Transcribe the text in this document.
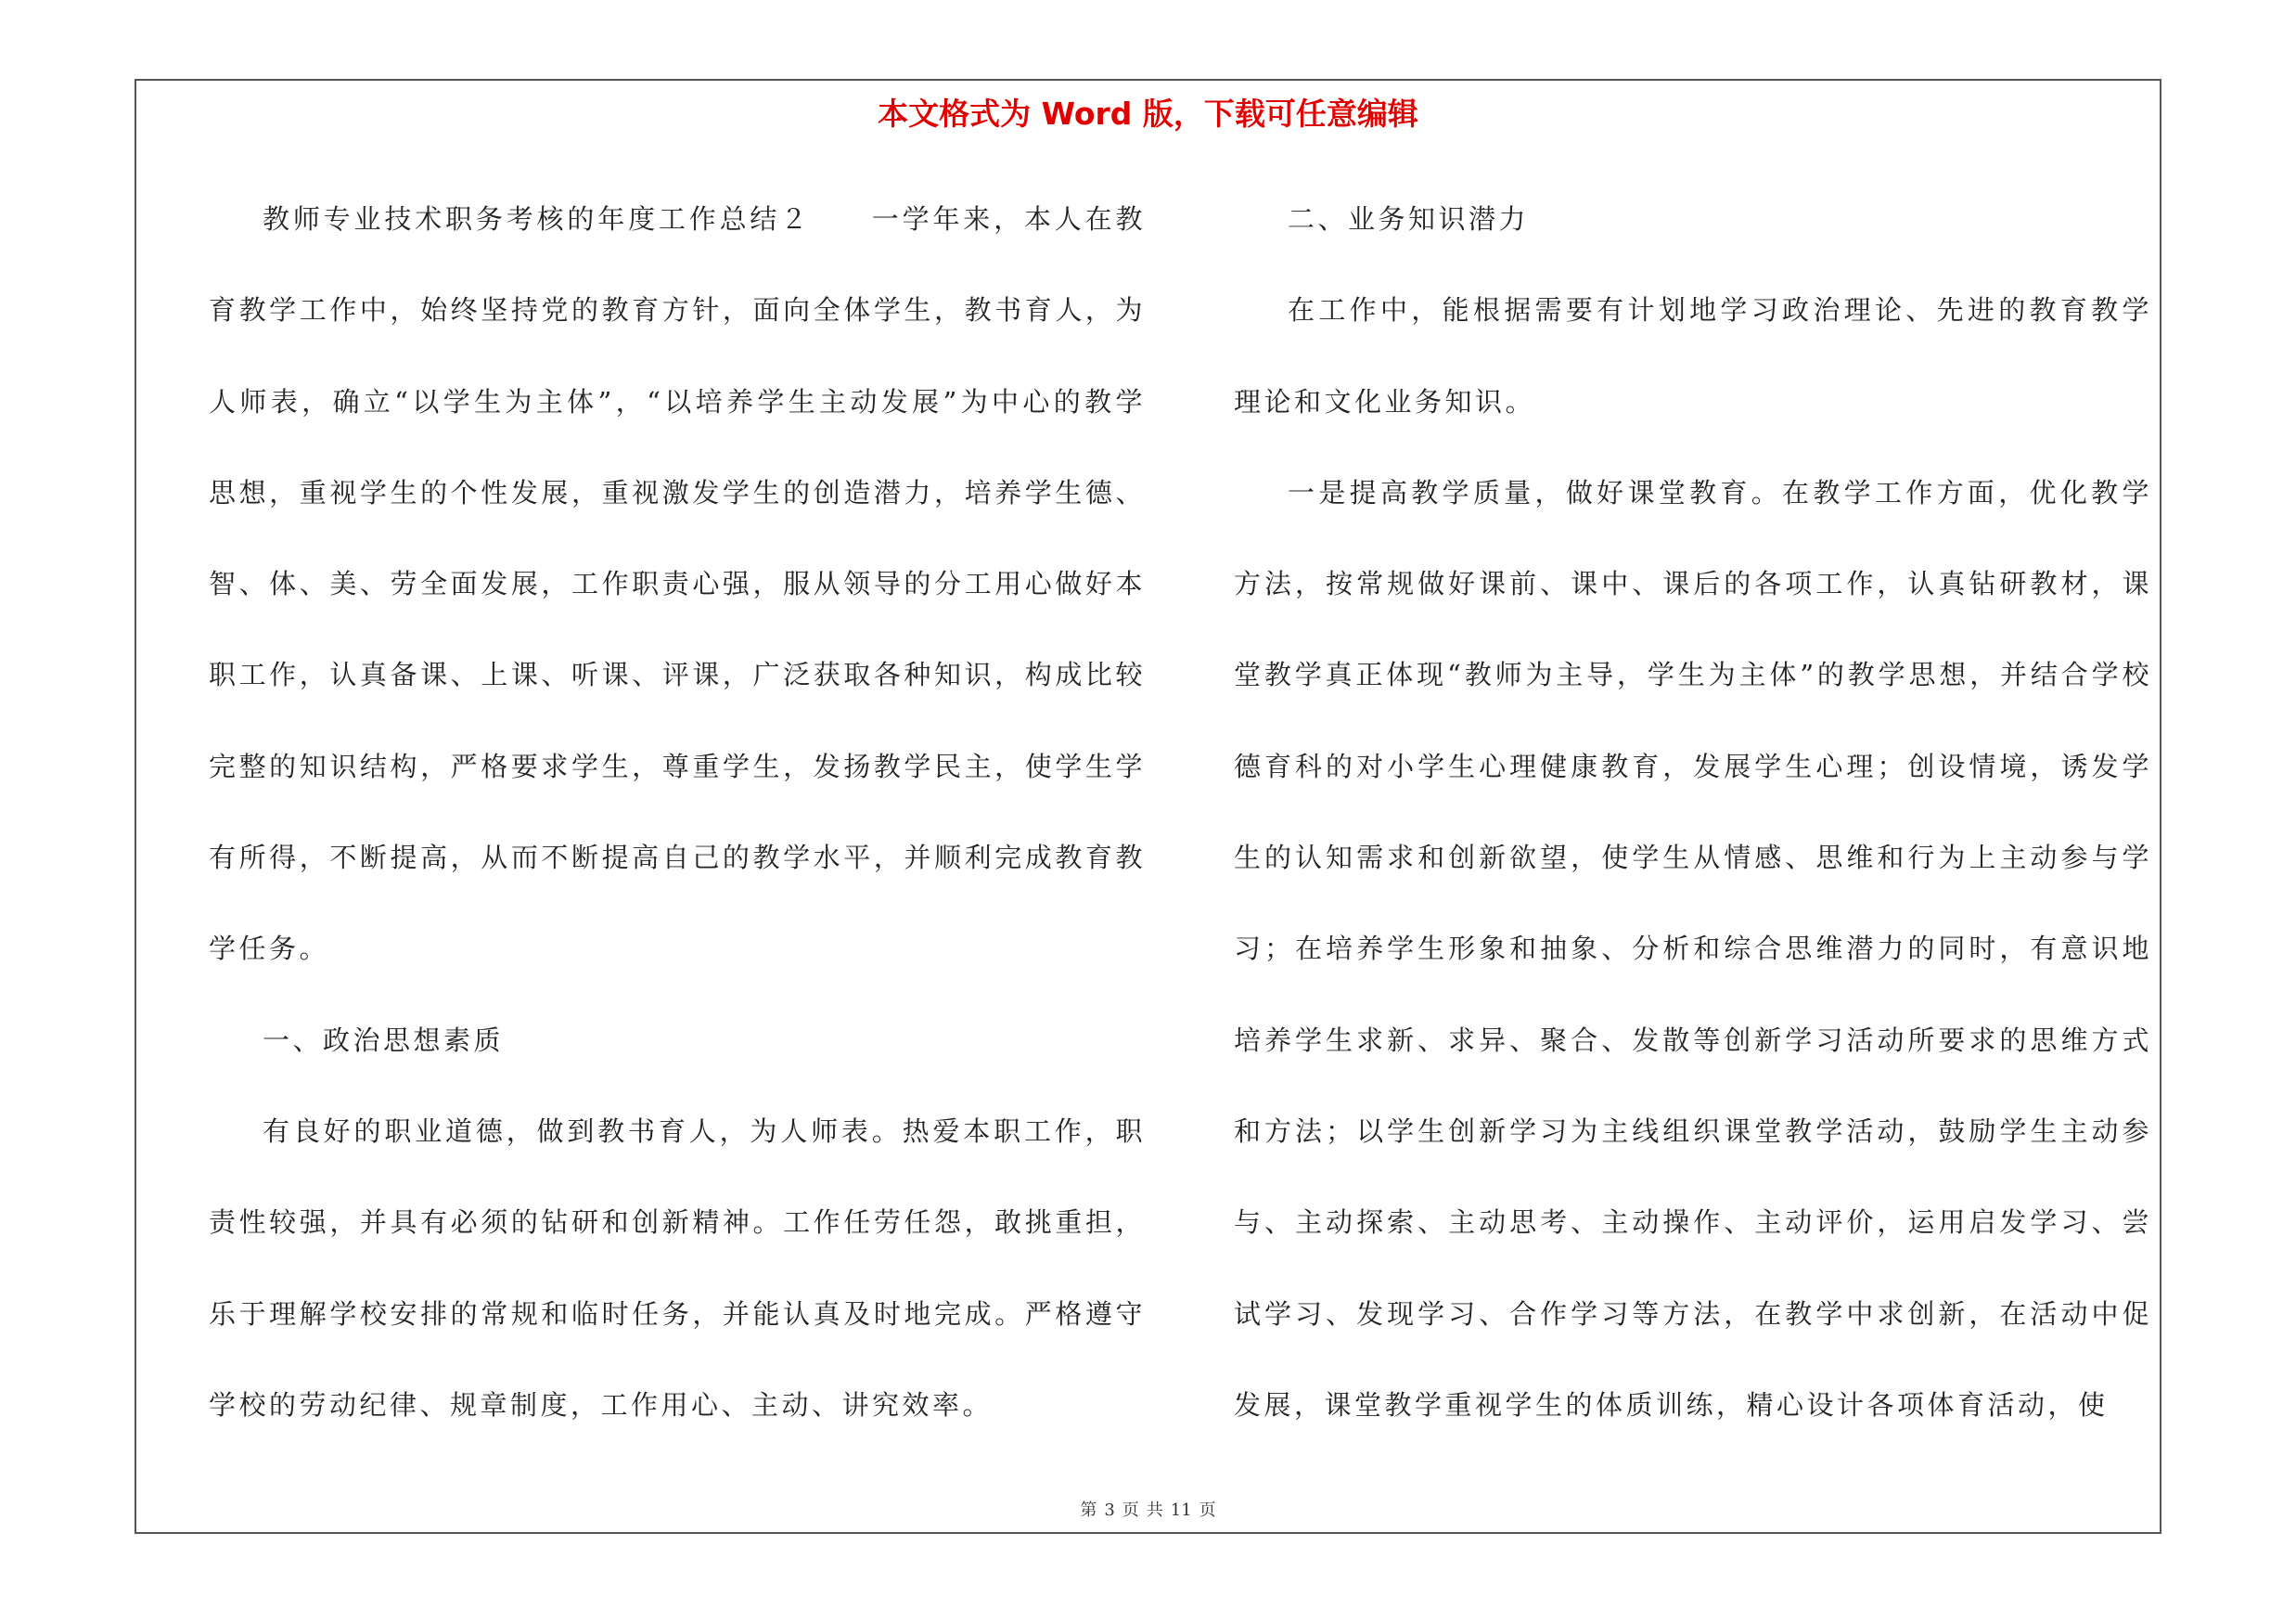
本文格式为 Word 版，下载可任意编辑

教师专业技术职务考核的年度工作总结２　　一学年来，本人在教育教学工作中，始终坚持党的教育方针，面向全体学生，教书育人，为人师表，确立“以学生为主体”，“以培养学生主动发展”为中心的教学思想，重视学生的个性发展，重视激发学生的创造潜力，培养学生德、智、体、美、劳全面发展，工作职责心强，服从领导的分工用心做好本职工作，认真备课、上课、听课、评课，广泛获取各种知识，构成比较完整的知识结构，严格要求学生，尊重学生，发扬教学民主，使学生学有所得，不断提高，从而不断提高自己的教学水平，并顺利完成教育教学任务。

一、政治思想素质

有良好的职业道德，做到教书育人，为人师表。热爱本职工作，职责性较强，并具有必须的钻研和创新精神。工作任劳任怨，敢挑重担，乐于理解学校安排的常规和临时任务，并能认真及时地完成。严格遵守学校的劳动纪律、规章制度，工作用心、主动、讲究效率。

二、业务知识潜力

在工作中，能根据需要有计划地学习政治理论、先进的教育教学理论和文化业务知识。

一是提高教学质量，做好课堂教育。在教学工作方面，优化教学方法，按常规做好课前、课中、课后的各项工作，认真钻研教材，课堂教学真正体现“教师为主导，学生为主体”的教学思想，并结合学校德育科的对小学生心理健康教育，发展学生心理；创设情境，诱发学生的认知需求和创新欲望，使学生从情感、思维和行为上主动参与学习；在培养学生形象和抽象、分析和综合思维潜力的同时，有意识地培养学生求新、求异、聚合、发散等创新学习活动所要求的思维方式和方法；以学生创新学习为主线组织课堂教学活动，鼓励学生主动参与、主动探索、主动思考、主动操作、主动评价，运用启发学习、尝试学习、发现学习、合作学习等方法，在教学中求创新，在活动中促发展，课堂教学重视学生的体质训练，精心设计各项体育活动，使

第 3 页 共 11 页
